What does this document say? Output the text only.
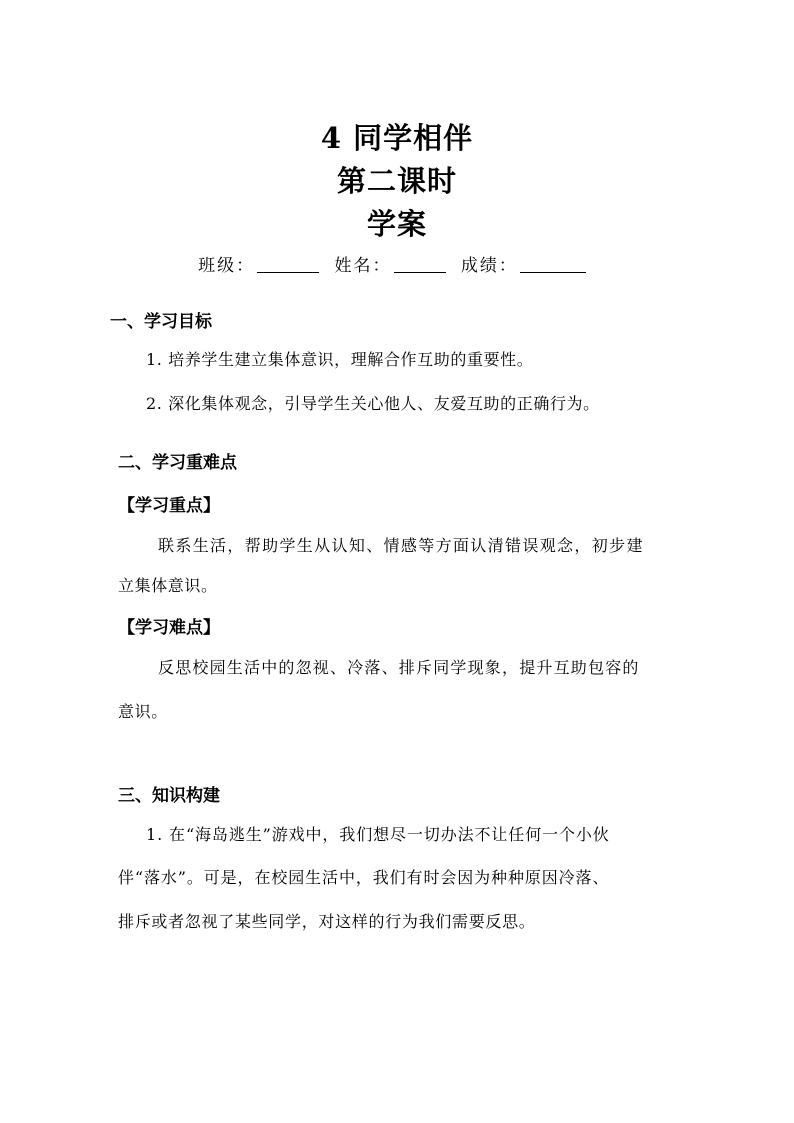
4 同学相伴
第二课时
学案
班级：	姓名：	成绩：
一、学习目标
1. 培养学生建立集体意识，理解合作互助的重要性。
2. 深化集体观念，引导学生关心他人、友爱互助的正确行为。
二、学习重难点
【学习重点】
联系生活，帮助学生从认知、情感等方面认清错误观念，初步建
立集体意识。
【学习难点】
反思校园生活中的忽视、冷落、排斥同学现象，提升互助包容的
意识。
三、知识构建
1. 在“海岛逃生”游戏中，我们想尽一切办法不让任何一个小伙
伴“落水”。可是，在校园生活中，我们有时会因为种种原因冷落、
排斥或者忽视了某些同学，对这样的行为我们需要反思。
